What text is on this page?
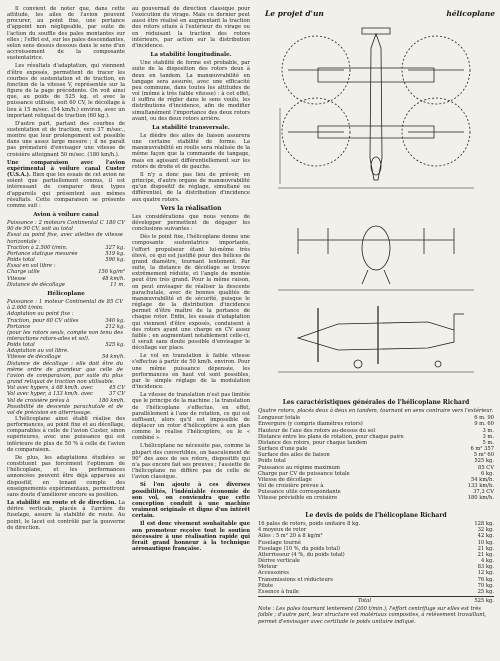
Il convient de noter que, dans cette attitude, les ailes de l'avion peuvent procurer, au point fixe, une portance d'appoint non négligeable, par suite de l'action du souffle des pales montantes sur elles ; l'effet est, sur les pales descendantes, selon sens dessus dessous dans le sens d'un accroissement de la composante sustentatrice.

Les résultats d'adaptation, qui viennent d'être exposés, permettent de tracer les courbes de sustentation et de traction, en fonction de la vitesse V, représentée sur la figure de la page précédente. On voit ainsi que, au poids de 525 kg. et avec la puissance utilisée, soit 60 CV, le décollage à lieu à 15 m/sec. (54 km/h.) environ, avec un important reliquat de traction (60 kg.).

D'autre part, partant des courbes de sustentation et de traction, vers 37 m/sec., montre que leur prolongement est possible dans une assez large mesure ; il ne paraît pas prématuré d'envisager une vitesse de croisière atteignant 50 m/sec. (180 km/h.).

Une comparaison avec l'avion expérimental à voilure canal Custer (U.S.A.). Bien que les essais de cet avion ne soient que partiellement connus, il est intéressant de comparer deux types d'appareils qui présentent aux mêmes résultats. Cette comparaison se présente comme suit :

Avion à voilure canal
Puissance : 2 moteurs Continental C 90 de 90 CV, soit au total
180 CV
Essai au point fixe, avec ailettes de vitesse horizontale :
Traction à 2.500 t/min.	327 kg.
Portance statique mesurée	519 kg.
Poids total	590 kg.
Essai en vol libre :
Charge utile	156 kg/m²
Vitesse	48 km/h.
Distance de décollage	11 m.
Hélicoplane
Puissance : 1 moteur Continental de 85 CV à 2.600 t/min.
Adaptation au point fixe :
Traction, pour 60 CV utiles	340 kg.
Portance	212 kg.
(pour les rotors seuls, compte non tenu des interactions rotors-ailes et sol).
Poids total	525 kg.
Adaptation au vol libre.
Vitesse de décollage	54 km/h.
Distance de décollage : elle doit être du même ordre de grandeur que celle de l'avion de comparaison, par suite du plus grand reliquat de traction non utilisable.
Vol avec hypers, à 68 km/h. avec	45 CV
Vol avec hyper, à 133 km/h. avec	37 CV
Vol de croisière prévu à	180 km/h.
Possibilité de descente parachutale et de vol de précision en atterrissage.

L'hélicoplane ainsi établi réalise des performances, au point fixe et au décollage, comparables à celle de l'avion Custer, sinon supérieures, avec une puissance qui est inférieure de plus de 50 % à celle de l'avion de comparaison.

De plus, les adaptations étudiées se constituent pas forcément l'optimum de l'hélicoplane, et les performances annoncées peuvent être déjà apparues au dispositif, en tenant compte des enseignements expérimentaux, permettront sans doute d'améliorer encore sa position.

La stabilité en route et de direction. La dérive verticale, placée à l'arrière du fuselage, assure la stabilité de route. Au point, le lacet est contrôlé par la gouverne de direction.

au gouvernail de direction classique pour l'exécution du virage. Mais ce dernier peut aussi être réalisé en augmentant la traction des rotors situés à l'extérieur du virage ou en réduisant la traction des rotors intérieurs, par action sur la distribution d'incidence.

La stabilité longitudinale.

Une stabilité de forme est probable, par suite de la disposition des rotors deux à deux en tandem. La manœuvrabilité en tangage sera assurée, avec une efficacité peu commune, dans toutes les attitudes de vol (même à très faible vitesse) : à cet effet, il suffira de régler dans le sens voulu, les distributions d'incidence, afin de modifier simultanément l'importance des deux rotors avant, ou des deux rotors arrière.

La stabilité transversale.

Le dièdre des ailes de liaison assurera une certaine stabilité de forme. La manœuvrabilité en roulis sera réalisée de la même façon que la commande de tangage, mais en agissant différentiellement sur les rotors de droite et de gauche.

Il n'y a donc pas lieu de prévoir, en principe, d'autre organe de manœuvrabilité qu'un dispositif de réglage, simultané ou différentiel, de la distribution d'incidence aux quatre rotors.

Vers la réalisation

Les considérations que nous venons de développer permettent de dégager les conclusions suivantes :

Dès le point fixe, l'hélicoplane donne une composante sustentatrice importante, l'effort propulseur étant lui-même très élevé, ce qui est justifié pour des hélices de grand diamètre, tournant lentement. Par suite, la distance de décollage se trouve extrêmement réduite, et l'angle de montée peut être très grand. Pour la même raison, on peut envisager de réaliser la descente parachutale, avec de bonnes qualités de manœuvrabilité et de sécurité, puisque le réglage de la distribution d'incidence permet d'être maître de la portance de chaque rotor. Enfin, les essais d'adaptation qui viennent d'être exposés, conduisent à des rotors ayant une charge en CV assez faible ; en augmentant notablement celle-ci, il serait sans doute possible d'envisager le décollage sur place.

Le vol en translation à faible vitesse s'effectue à partir de 50 km/h. environ. Pour une même puissance dépensée, les performances en haut vol sont possibles, par le simple réglage de la modulation d'incidence.

La vitesse de translation n'est pas limitée que le principe de la machine ; la translation de l'hélicoplane s'effectue, en effet, parallèlement à l'axe de rotation, ce qui est suffisant, alors qu'il est impossible de déplacer un rotor d'hélicoptère à son plan comme le réalise l'hélicoptère, ou le « combiné ».

L'hélicoplane ne nécessite pas, comme la plupart des convertibles, un basculement de 90° des axes de ses rotors, dispositifs qui n'a pas encore fait ses preuves ; l'assiette de l'hélicoplane ne diffère pas de celle de l'avion classique.

Si l'on ajoute à ces diverses possibilités, l'indéniable économie de son vol, on conviendra que cette conception conduit à une machine vraiment originale et digne d'un intérêt certain.

Il est donc vivement souhaitable que son promoteur reçoive tout le soutien nécessaire à une réalisation rapide qui ferait grand honneur à la technique aéronautique française.

Le projet d'un	hélicoplane
Les caractéristiques générales de l'hélicoplane Richard
Quatre rotors, placés deux à deux en tandem, tournant en sens contraire vers l'extérieur.
Longueur totale	6 m. 90
Envergure (y compris diamètres rotors)	9 m. 60
Hauteur de l'axe des rotors au-dessus du sol	3 m.
Distance entre les plans de rotation, pour chaque paire	3 m.
Distance des rotors, pour chaque tandem	5 m.
Surface d'une pale	6 m² 357
Surface des ailes de liaison	5 m² 60
Poids total	525 kg.
Puissance au régime maximum	85 CV
Charge par CV de puissance totale	6 kg.
Vitesse de décollage	54 km/h.
Vol de croisière prévue à	133 km/h.
Puissance utile correspondante	37,3 CV
Vitesse prévisible en croisière	180 km/h.
Le devis de poids de l'hélicoplane Richard
16 pales de rotors, poids unitaire 8 kg.	128 kg.
4 moyeux de rotor	32 kg.
Ailes : 5 m² 20 à 8 kg/m²	42 kg.
Fuselage tourné	10 kg.
Fuselage (10 %, du poids total)	21 kg.
Atterrisseur (4 %, du poids total)	21 kg.
Dérive verticale	4 kg.
Moteur	83 kg.
Accessoires	12 kg.
Transmissions et réducteurs	76 kg.
Pilote	70 kg.
Essence à huile	25 kg.
Total	525 kg.
Note : Les pales tournant lentement (200 t/min.), l'effort centrifuge sur elles est très faible ; d'autre part, leur structure est matériaux composites, à relèvement travaillant, permet d'envisager avec certitude le poids unitaire indiqué.
